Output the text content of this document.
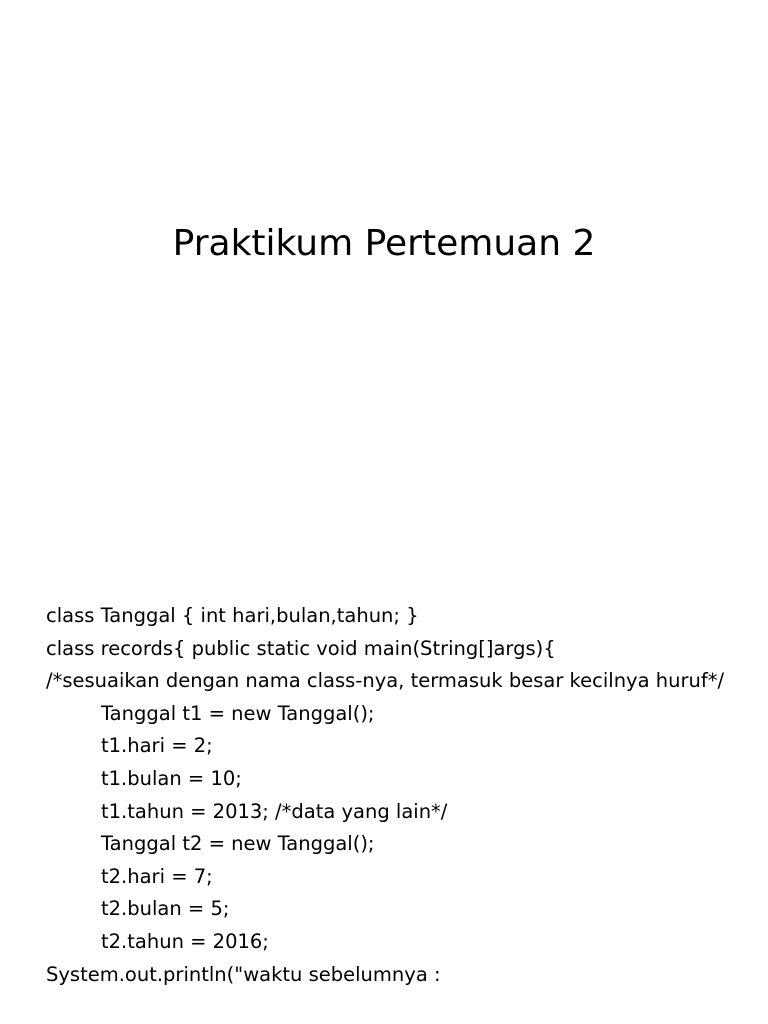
Praktikum Pertemuan 2
class Tanggal { int hari,bulan,tahun; }
class records{ public static void main(String[]args){
/*sesuaikan dengan nama class-nya, termasuk besar kecilnya huruf*/
Tanggal t1 = new Tanggal();
t1.hari = 2;
t1.bulan = 10;
t1.tahun = 2013; /*data yang lain*/
Tanggal t2 = new Tanggal();
t2.hari = 7;
t2.bulan = 5;
t2.tahun = 2016;
System.out.println("waktu sebelumnya :
